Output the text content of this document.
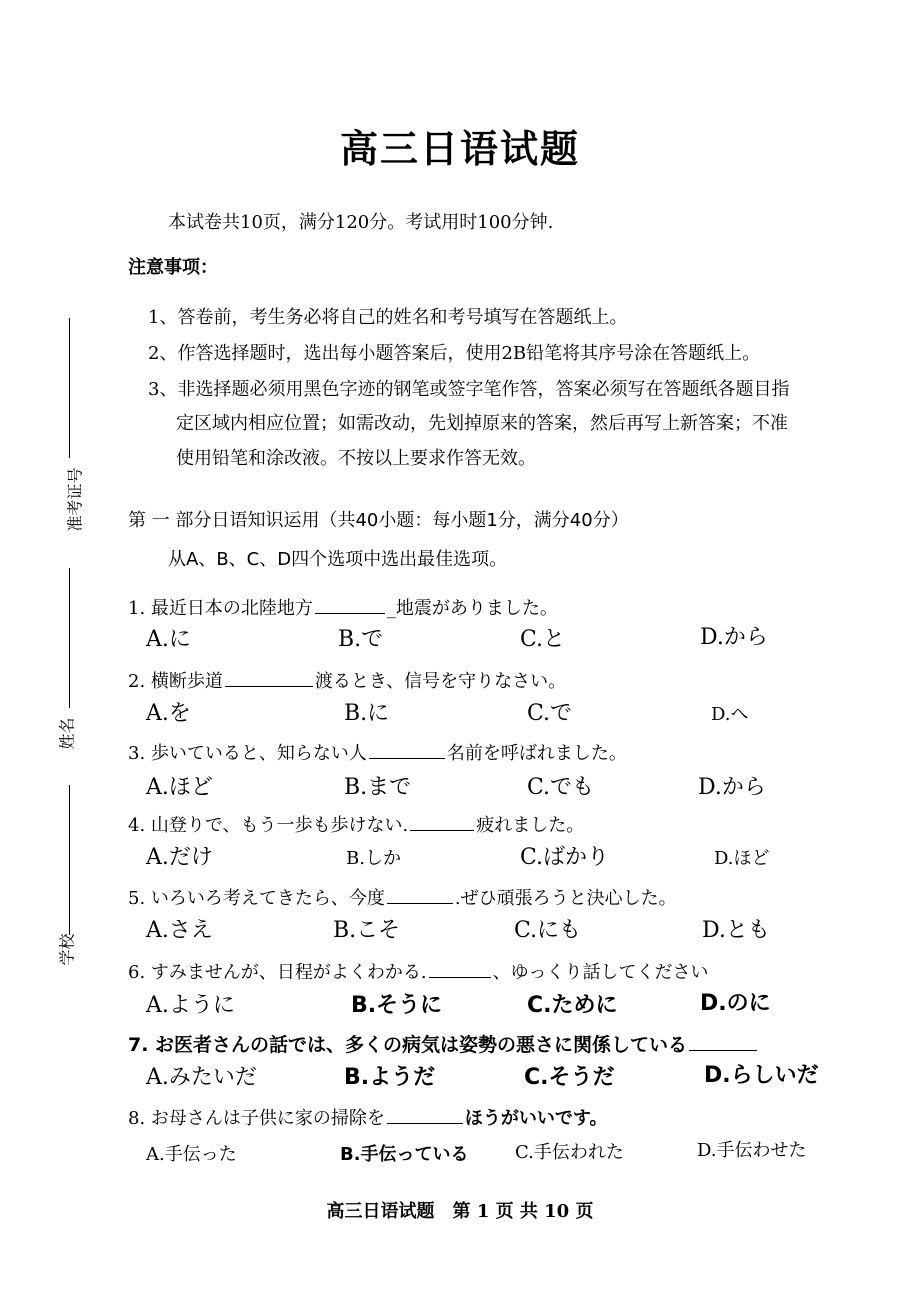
高三日语试题
本试卷共10页，满分120分。考试用时100分钟.
注意事项：
1、答卷前，考生务必将自己的姓名和考号填写在答题纸上。
2、作答选择题时，选出每小题答案后，使用2B铅笔将其序号涂在答题纸上。
3、非选择题必须用黑色字迹的钢笔或签字笔作答，答案必须写在答题纸各题目指
定区域内相应位置；如需改动，先划掉原来的答案，然后再写上新答案；不准
使用铅笔和涂改液。不按以上要求作答无效。
准考证号
姓名
学校
第 一 部分日语知识运用（共40小题：每小题1分，满分40分）
从A、B、C、D四个选项中选出最佳选项。
1. 最近日本の北陸地方	_地震がありました。
A.に	B.で	C.と	D.から
2. 横断歩道	渡るとき、信号を守りなさい。
A.を	B.に	C.で	D.へ
3. 歩いていると、知らない人	名前を呼ばれました。
A.ほど	B.まで	C.でも	D.から
4. 山登りで、もう一歩も歩けない.	疲れました。
A.だけ	B.しか	C.ばかり	D.ほど
5. いろいろ考えてきたら、今度	.ぜひ頑張ろうと決心した。
A.さえ	B.こそ	C.にも	D.とも
6. すみませんが、日程がよくわかる.	、ゆっくり話してください
A.ように	B.そうに	C.ために	D.のに
7. お医者さんの話では、多くの病気は姿勢の悪さに関係している
A.みたいだ	B.ようだ	C.そうだ	D.らしいだ
8. お母さんは子供に家の掃除を	ほうがいいです。
A.手伝った	B.手伝っている	C.手伝われた	D.手伝わせた
高三日语试题　第 1 页 共 10 页
